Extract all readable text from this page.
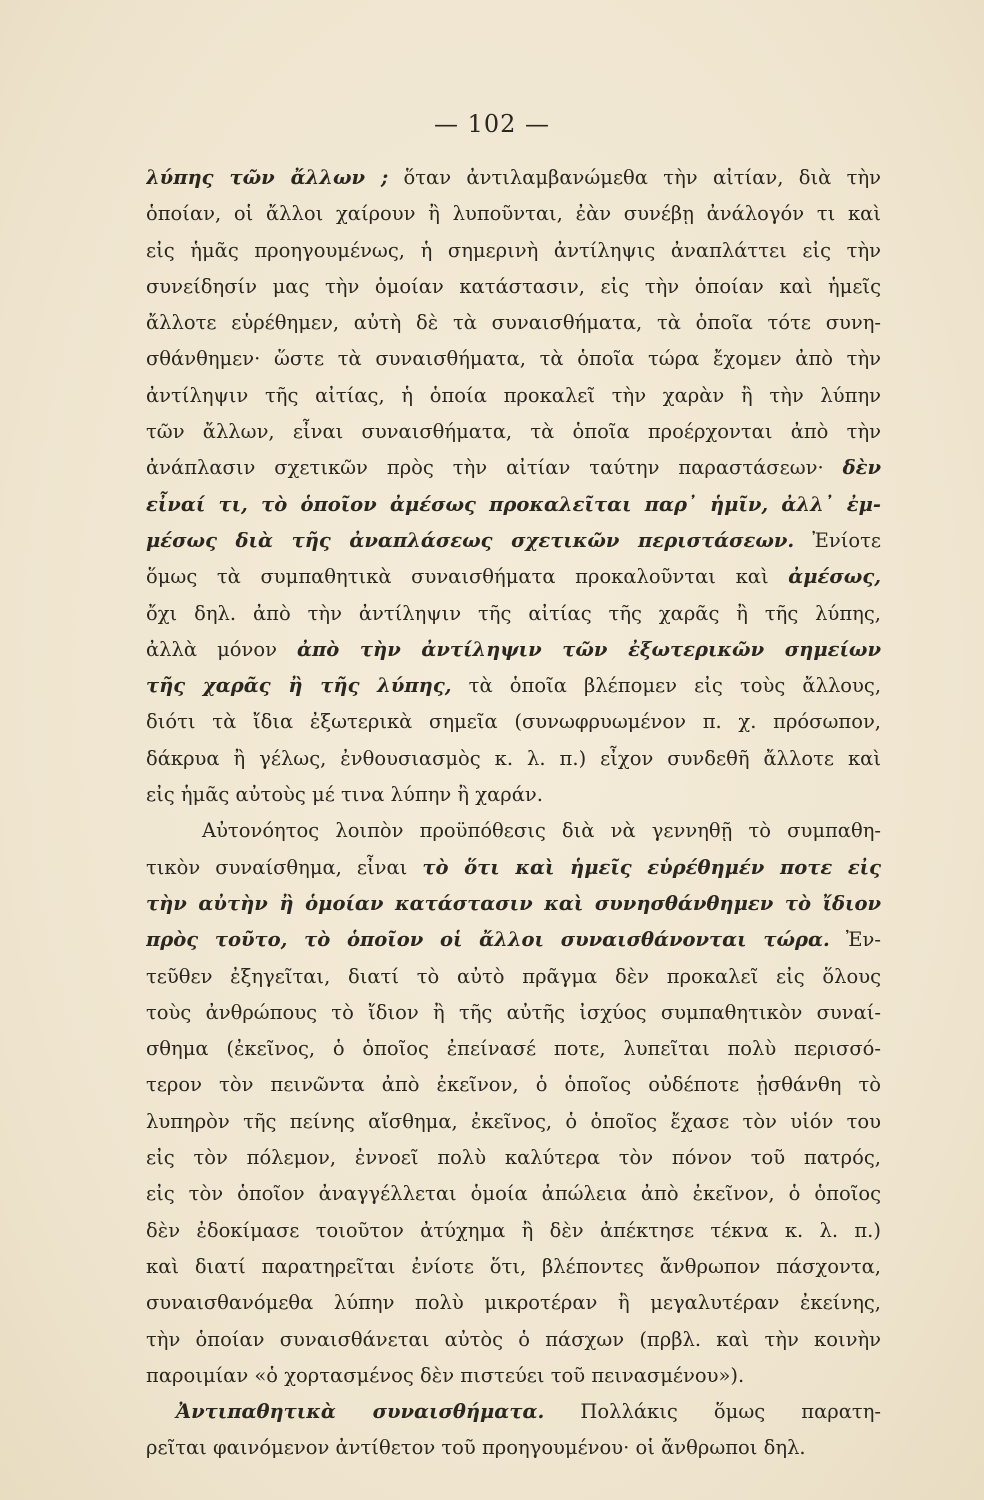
— 102 —
λύπης τῶν ἄλλων ; ὅταν ἀντιλαμβανώμεθα τὴν αἰτίαν, διὰ τὴν
ὁποίαν, οἱ ἄλλοι χαίρουν ἢ λυποῦνται, ἐὰν συνέβῃ ἀνάλογόν τι καὶ
εἰς ἡμᾶς προηγουμένως, ἡ σημερινὴ ἀντίληψις ἀναπλάττει εἰς τὴν
συνείδησίν μας τὴν ὁμοίαν κατάστασιν, εἰς τὴν ὁποίαν καὶ ἡμεῖς
ἄλλοτε εὑρέθημεν, αὐτὴ δὲ τὰ συναισθήματα, τὰ ὁποῖα τότε συνη-
σθάνθημεν· ὥστε τὰ συναισθήματα, τὰ ὁποῖα τώρα ἔχομεν ἀπὸ τὴν
ἀντίληψιν τῆς αἰτίας, ἡ ὁποία προκαλεῖ τὴν χαρὰν ἢ τὴν λύπην
τῶν ἄλλων, εἶναι συναισθήματα, τὰ ὁποῖα προέρχονται ἀπὸ τὴν
ἀνάπλασιν σχετικῶν πρὸς τὴν αἰτίαν ταύτην παραστάσεων· δὲν
εἶναί τι, τὸ ὁποῖον ἀμέσως προκαλεῖται παρ᾽ ἡμῖν, ἀλλ᾽ ἐμ-
μέσως διὰ τῆς ἀναπλάσεως σχετικῶν περιστάσεων. Ἐνίοτε
ὅμως τὰ συμπαθητικὰ συναισθήματα προκαλοῦνται καὶ ἀμέσως,
ὄχι δηλ. ἀπὸ τὴν ἀντίληψιν τῆς αἰτίας τῆς χαρᾶς ἢ τῆς λύπης,
ἀλλὰ μόνον ἀπὸ τὴν ἀντίληψιν τῶν ἐξωτερικῶν σημείων
τῆς χαρᾶς ἢ τῆς λύπης, τὰ ὁποῖα βλέπομεν εἰς τοὺς ἄλλους,
διότι τὰ ἴδια ἐξωτερικὰ σημεῖα (συνωφρυωμένον π. χ. πρόσωπον,
δάκρυα ἢ γέλως, ἐνθουσιασμὸς κ. λ. π.) εἶχον συνδεθῆ ἄλλοτε καὶ
εἰς ἡμᾶς αὐτοὺς μέ τινα λύπην ἢ χαράν.
Αὐτονόητος λοιπὸν προϋπόθεσις διὰ νὰ γεννηθῇ τὸ συμπαθη-
τικὸν συναίσθημα, εἶναι τὸ ὅτι καὶ ἡμεῖς εὑρέθημέν ποτε εἰς
τὴν αὐτὴν ἢ ὁμοίαν κατάστασιν καὶ συνησθάνθημεν τὸ ἴδιον
πρὸς τοῦτο, τὸ ὁποῖον οἱ ἄλλοι συναισθάνονται τώρα. Ἐν-
τεῦθεν ἐξηγεῖται, διατί τὸ αὐτὸ πρᾶγμα δὲν προκαλεῖ εἰς ὅλους
τοὺς ἀνθρώπους τὸ ἴδιον ἢ τῆς αὐτῆς ἰσχύος συμπαθητικὸν συναί-
σθημα (ἐκεῖνος, ὁ ὁποῖος ἐπείνασέ ποτε, λυπεῖται πολὺ περισσό-
τερον τὸν πεινῶντα ἀπὸ ἐκεῖνον, ὁ ὁποῖος οὐδέποτε ᾐσθάνθη τὸ
λυπηρὸν τῆς πείνης αἴσθημα, ἐκεῖνος, ὁ ὁποῖος ἔχασε τὸν υἱόν του
εἰς τὸν πόλεμον, ἐννοεῖ πολὺ καλύτερα τὸν πόνον τοῦ πατρός,
εἰς τὸν ὁποῖον ἀναγγέλλεται ὁμοία ἀπώλεια ἀπὸ ἐκεῖνον, ὁ ὁποῖος
δὲν ἐδοκίμασε τοιοῦτον ἀτύχημα ἢ δὲν ἀπέκτησε τέκνα κ. λ. π.)
καὶ διατί παρατηρεῖται ἐνίοτε ὅτι, βλέποντες ἄνθρωπον πάσχοντα,
συναισθανόμεθα λύπην πολὺ μικροτέραν ἢ μεγαλυτέραν ἐκείνης,
τὴν ὁποίαν συναισθάνεται αὐτὸς ὁ πάσχων (πρβλ. καὶ τὴν κοινὴν
παροιμίαν «ὁ χορτασμένος δὲν πιστεύει τοῦ πεινασμένου»).
Ἀντιπαθητικὰ συναισθήματα. Πολλάκις ὅμως παρατη-
ρεῖται φαινόμενον ἀντίθετον τοῦ προηγουμένου· οἱ ἄνθρωποι δηλ.
